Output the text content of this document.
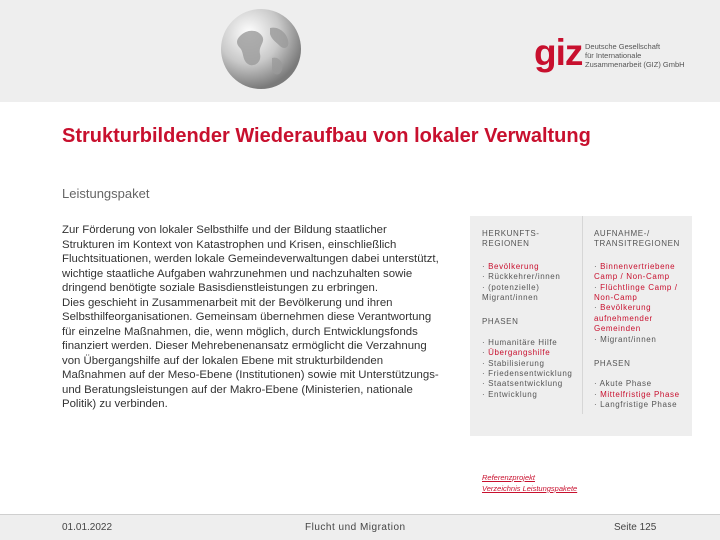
giz Deutsche Gesellschaft
für Internationale
Zusammenarbeit (GIZ) GmbH
Strukturbildender Wiederaufbau von lokaler Verwaltung
Leistungspaket

Zur Förderung von lokaler Selbsthilfe und der Bildung staatlicher Strukturen im Kontext von Katastrophen und Krisen, einschließlich Fluchtsituationen, werden lokale Gemeindeverwaltungen dabei unterstützt, wichtige staatliche Aufgaben wahrzunehmen und nachzuhalten sowie dringend benötigte soziale Basisdienstleistungen zu erbringen.

Dies geschieht in Zusammenarbeit mit der Bevölkerung und ihren Selbsthilfeorganisationen. Gemeinsam übernehmen diese Verantwortung für einzelne Maßnahmen, die, wenn möglich, durch Entwicklungsfonds finanziert werden. Dieser Mehrebenenansatz ermöglicht die Verzahnung von Übergangshilfe auf der lokalen Ebene mit strukturbildenden Maßnahmen auf der Meso-Ebene (Institutionen) sowie mit Unterstützungs- und Beratungsleistungen auf der Makro-Ebene (Ministerien, nationale Politik) zu verbinden.

HERKUNFTS-REGIONEN
· Bevölkerung
· Rückkehrer/innen
· (potenzielle) Migrant/innen
PHASEN
· Humanitäre Hilfe
· Übergangshilfe
· Stabilisierung
· Friedensentwicklung
· Staatsentwicklung
· Entwicklung
AUFNAHME-/ TRANSITREGIONEN
· Binnenvertriebene Camp / Non-Camp
· Flüchtlinge Camp / Non-Camp
· Bevölkerung aufnehmender Gemeinden
· Migrant/innen
PHASEN
· Akute Phase
· Mittelfristige Phase
· Langfristige Phase
Referenzprojekt
Verzeichnis Leistungspakete
01.01.2022	Flucht und Migration	Seite 125
